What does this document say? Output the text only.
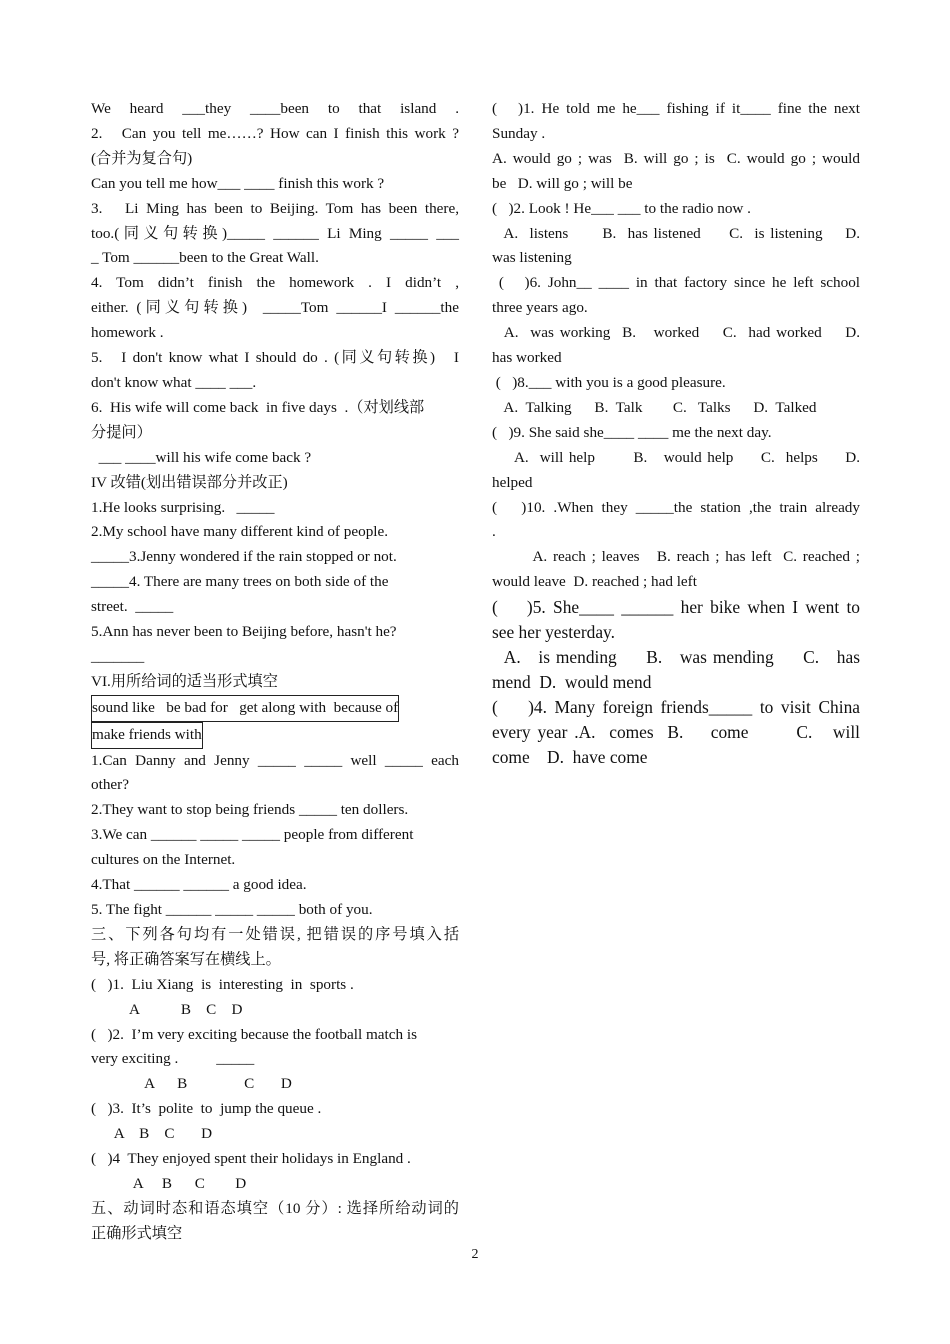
We heard ___they ____been to that island .
2.   Can you tell me……? How can I finish this work ?
(合并为复合句)
Can you tell me how___ ____ finish this work ?
3.   Li Ming has been to Beijing. Tom has been there,
too.(同义句转换)_____ ______ Li Ming _____ ___
_ Tom ______been to the Great Wall.
4. Tom didn’t finish the homework . I didn’t ,
either. (同义句转换)  _____Tom ______I ______the
homework .
5.   I don't know what I should do . (同义句转换)   I
don't know what ____ ___.
6.  His wife will come back  in five days  .（对划线部
分提问）
___ ____will his wife come back ?
IV 改错(划出错误部分并改正)
1.He looks surprising.   _____
2.My school have many different kind of people.
_____3.Jenny wondered if the rain stopped or not.
_____4. There are many trees on both side of the
street.  _____
5.Ann has never been to Beijing before, hasn't he?
_______
VI.用所给词的适当形式填空
sound like   be bad for   get along with  because of
make friends with
1.Can Danny and Jenny _____ _____ well _____ each
other?
2.They want to stop being friends _____ ten dollers.
3.We can ______ _____ _____ people from different
cultures on the Internet.
4.That ______ ______ a good idea.
5. The fight ______ _____ _____ both of you.
三、下列各句均有一处错误, 把错误的序号填入括
号, 将正确答案写在横线上。
(   )1.  Liu Xiang  is  interesting  in  sports .
A           B    C    D
(   )2.  I’m very exciting because the football match is
very exciting .          _____
A      B               C       D
(   )3.  It’s  polite  to  jump the queue .
A    B    C       D
(   )4  They enjoyed spent their holidays in England .
A     B      C        D
五、动词时态和语态填空（10 分）: 选择所给动词的
正确形式填空
(   )1. He told me he___ fishing if it____ fine the next
Sunday .
A. would go ; was  B. will go ; is  C. would go ; would
be   D. will go ; will be
(   )2. Look ! He___ ___ to the radio now .
A.  listens      B.  has listened     C.  is listening    D.
was listening
(   )6. John__ ____ in that factory since he left school
three years ago.
A.  was working  B.   worked    C.  had worked    D.
has worked
(   )8.___ with you is a good pleasure.
A.  Talking      B.  Talk        C.   Talks      D.  Talked
(   )9. She said she____ ____ me the next day.
A.  will help       B.   would help     C.  helps     D.
helped
(   )10. .When they _____the station ,the train already
.
A. reach ; leaves   B. reach ; has left  C. reached ;
would leave  D. reached ; had left
(    )5. She____ ______ her bike when I went to
see her yesterday.
A.   is mending     B.   was mending     C.   has
mend  D.  would mend
(    )4. Many foreign friends_____ to visit China
every year .A.  comes  B.    come       C.   will
come    D.  have come
2
